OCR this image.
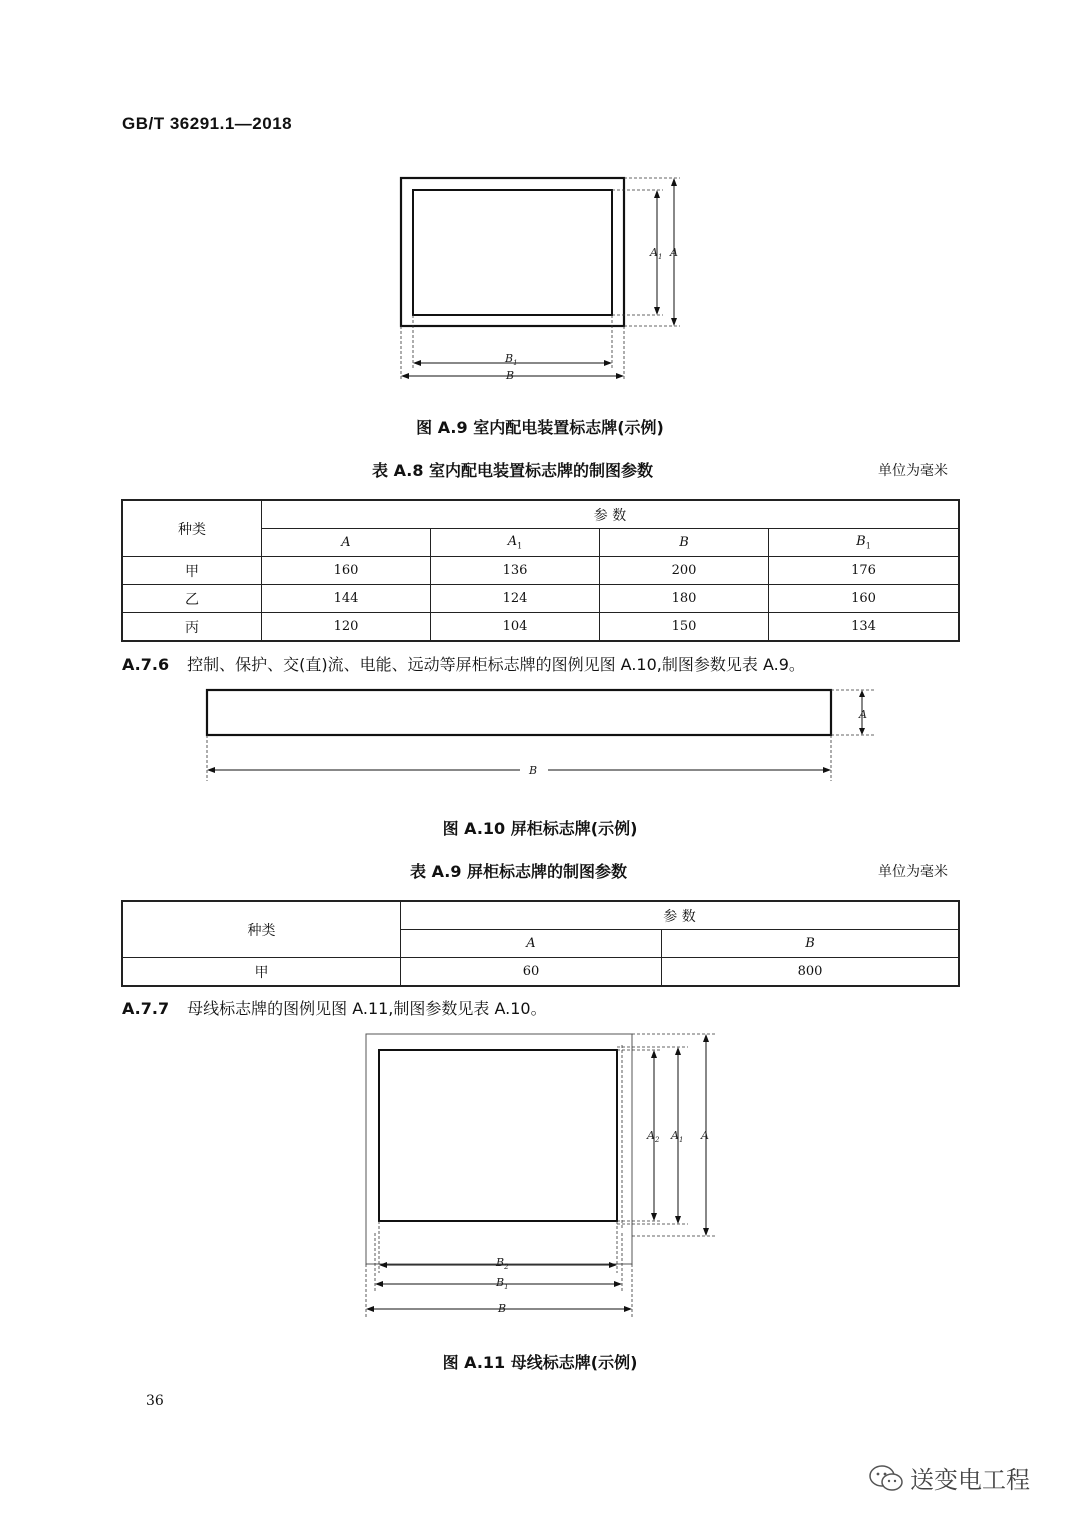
GB/T 36291.1—2018
$A_1$ A
$B_1$
B
图 A.9 室内配电装置标志牌(示例)
表 A.8 室内配电装置标志牌的制图参数	单位为毫米
种类	参 数			
	A	$A_1$	B	$B_1$
甲	160	136	200	176
乙	144	124	180	160
丙	120	104	150	134
A.7.6 控制、保护、交(直)流、电能、远动等屏柜标志牌的图例见图 A.10,制图参数见表 A.9。
A
B
图 A.10 屏柜标志牌(示例)
表 A.9 屏柜标志牌的制图参数	单位为毫米
种类	参 数	
	A	B
甲	60	800
A.7.7 母线标志牌的图例见图 A.11,制图参数见表 A.10。
$A_2$ $A_1$ A
$B_2$
$B_1$
B
图 A.11 母线标志牌(示例)
36
送变电工程
